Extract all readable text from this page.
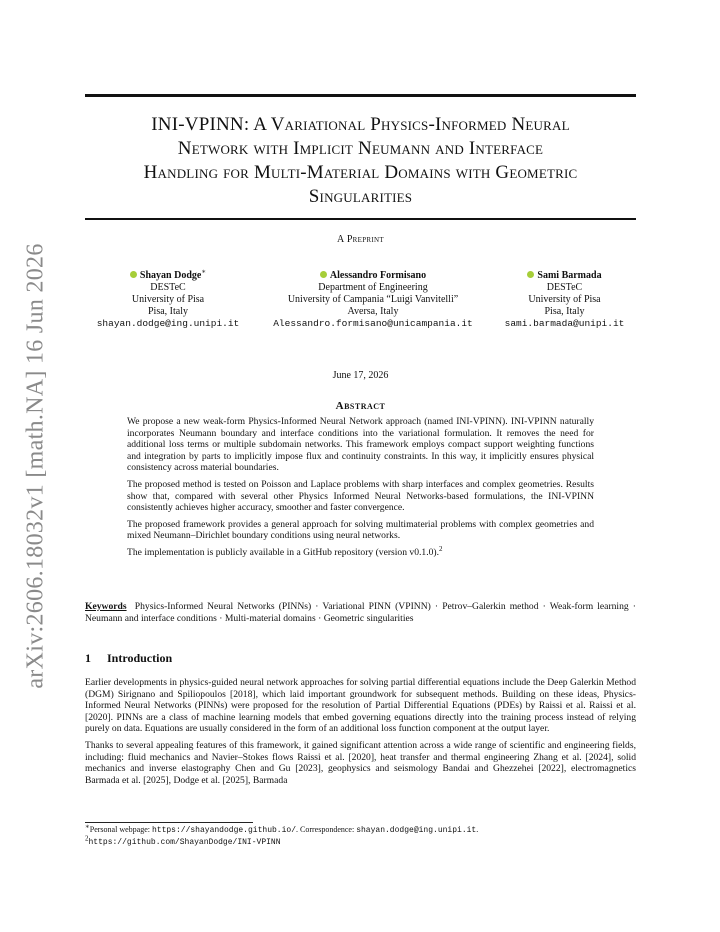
arXiv:2606.18032v1 [math.NA] 16 Jun 2026
INI-VPINN: A Variational Physics-Informed Neural
Network with Implicit Neumann and Interface
Handling for Multi-Material Domains with Geometric
Singularities
A Preprint
Shayan Dodge∗
DESTeC
University of Pisa
Pisa, Italy
shayan.dodge@ing.unipi.it
Alessandro Formisano
Department of Engineering
University of Campania “Luigi Vanvitelli”
Aversa, Italy
Alessandro.formisano@unicampania.it
Sami Barmada
DESTeC
University of Pisa
Pisa, Italy
sami.barmada@unipi.it
June 17, 2026
Abstract

We propose a new weak-form Physics-Informed Neural Network approach (named INI-VPINN). INI-VPINN naturally incorporates Neumann boundary and interface conditions into the variational formulation. It removes the need for additional loss terms or multiple subdomain networks. This framework employs compact support weighting functions and integration by parts to implicitly impose flux and continuity constraints. In this way, it implicitly ensures physical consistency across material boundaries.

The proposed method is tested on Poisson and Laplace problems with sharp interfaces and complex geometries. Results show that, compared with several other Physics Informed Neural Networks-based formulations, the INI-VPINN consistently achieves higher accuracy, smoother and faster convergence.

The proposed framework provides a general approach for solving multimaterial problems with complex geometries and mixed Neumann–Dirichlet boundary conditions using neural networks.

The implementation is publicly available in a GitHub repository (version v0.1.0).$^2$

Keywords Physics-Informed Neural Networks (PINNs) · Variational PINN (VPINN) · Petrov–Galerkin method · Weak-form learning · Neumann and interface conditions · Multi-material domains · Geometric singularities
1 Introduction

Earlier developments in physics-guided neural network approaches for solving partial differential equations include the Deep Galerkin Method (DGM) Sirignano and Spiliopoulos [2018], which laid important groundwork for subsequent methods. Building on these ideas, Physics-Informed Neural Networks (PINNs) were proposed for the resolution of Partial Differential Equations (PDEs) by Raissi et al. Raissi et al. [2020]. PINNs are a class of machine learning models that embed governing equations directly into the training process instead of relying purely on data. Equations are usually considered in the form of an additional loss function component at the output layer.

Thanks to several appealing features of this framework, it gained significant attention across a wide range of scientific and engineering fields, including: fluid mechanics and Navier–Stokes flows Raissi et al. [2020], heat transfer and thermal engineering Zhang et al. [2024], solid mechanics and inverse elastography Chen and Gu [2023], geophysics and seismology Bandai and Ghezzehei [2022], electromagnetics Barmada et al. [2025], Dodge et al. [2025], Barmada

∗Personal webpage: https://shayandodge.github.io/. Correspondence: shayan.dodge@ing.unipi.it.
$^2$https://github.com/ShayanDodge/INI-VPINN
